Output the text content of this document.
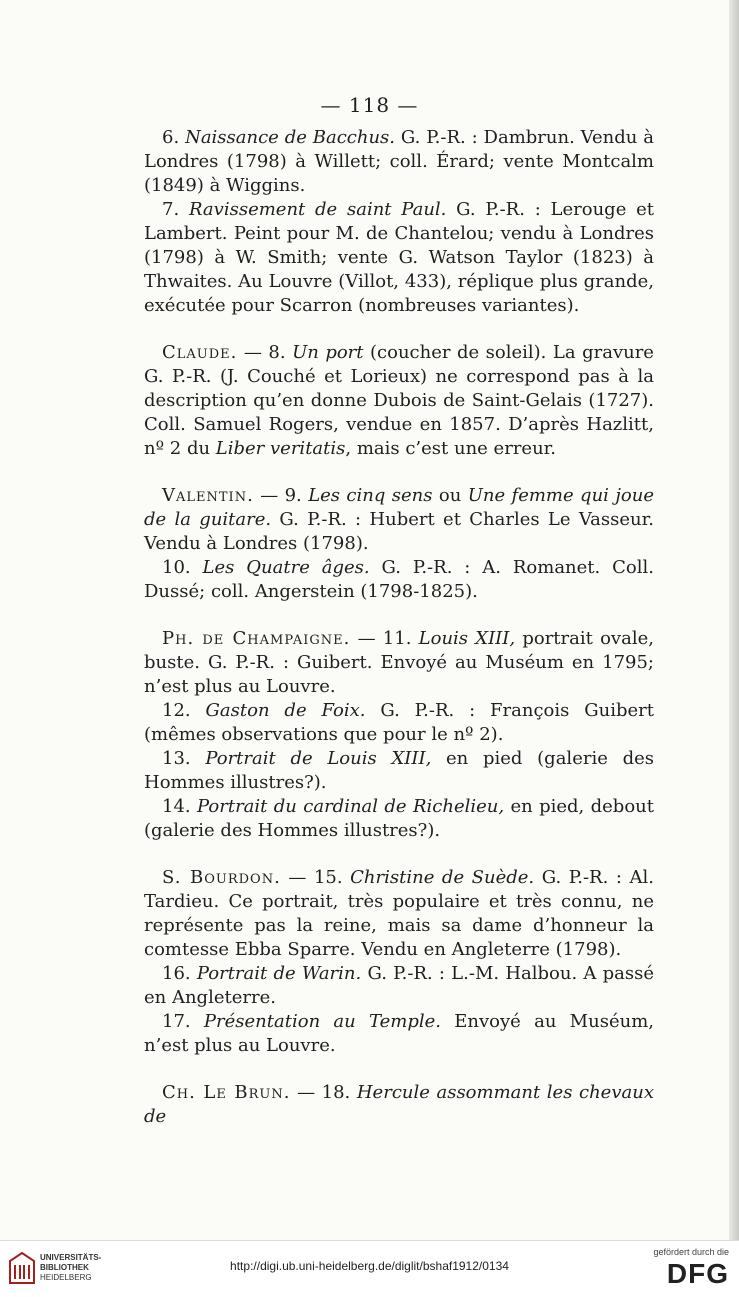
— 118 —

6. Naissance de Bacchus. G. P.-R. : Dambrun. Vendu à Londres (1798) à Willett; coll. Érard; vente Montcalm (1849) à Wiggins.

7. Ravissement de saint Paul. G. P.-R. : Lerouge et Lambert. Peint pour M. de Chantelou; vendu à Londres (1798) à W. Smith; vente G. Watson Taylor (1823) à Thwaites. Au Louvre (Villot, 433), réplique plus grande, exécutée pour Scarron (nombreuses variantes).

Claude. — 8. Un port (coucher de soleil). La gravure G. P.-R. (J. Couché et Lorieux) ne correspond pas à la description qu’en donne Dubois de Saint-Gelais (1727). Coll. Samuel Rogers, vendue en 1857. D’après Hazlitt, nº 2 du Liber veritatis, mais c’est une erreur.

Valentin. — 9. Les cinq sens ou Une femme qui joue de la guitare. G. P.-R. : Hubert et Charles Le Vasseur. Vendu à Londres (1798).

10. Les Quatre âges. G. P.-R. : A. Romanet. Coll. Dussé; coll. Angerstein (1798-1825).

Ph. de Champaigne. — 11. Louis XIII, portrait ovale, buste. G. P.-R. : Guibert. Envoyé au Muséum en 1795; n’est plus au Louvre.

12. Gaston de Foix. G. P.-R. : François Guibert (mêmes observations que pour le nº 2).

13. Portrait de Louis XIII, en pied (galerie des Hommes illustres?).

14. Portrait du cardinal de Richelieu, en pied, debout (galerie des Hommes illustres?).

S. Bourdon. — 15. Christine de Suède. G. P.-R. : Al. Tardieu. Ce portrait, très populaire et très connu, ne représente pas la reine, mais sa dame d’honneur la comtesse Ebba Sparre. Vendu en Angleterre (1798).

16. Portrait de Warin. G. P.-R. : L.-M. Halbou. A passé en Angleterre.

17. Présentation au Temple. Envoyé au Muséum, n’est plus au Louvre.

Ch. Le Brun. — 18. Hercule assommant les chevaux de

UNIVERSITÄTS-
BIBLIOTHEK
HEIDELBERG
http://digi.ub.uni-heidelberg.de/diglit/bshaf1912/0134
gefördert durch die
DFG
